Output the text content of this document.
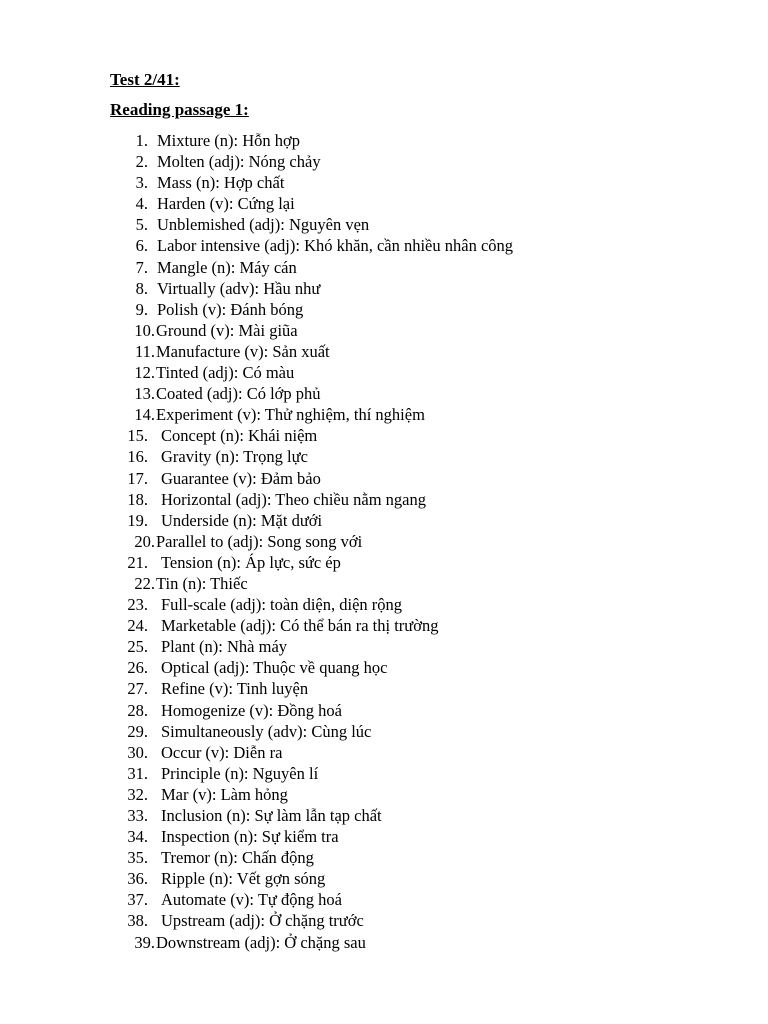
Test 2/41:
Reading passage 1:
1. Mixture (n): Hỗn hợp
2. Molten (adj): Nóng chảy
3. Mass (n): Hợp chất
4. Harden (v): Cứng lại
5. Unblemished (adj): Nguyên vẹn
6. Labor intensive (adj): Khó khăn, cần nhiều nhân công
7. Mangle (n): Máy cán
8. Virtually (adv): Hầu như
9. Polish (v): Đánh bóng
10. Ground (v): Mài giũa
11. Manufacture (v): Sản xuất
12. Tinted (adj): Có màu
13. Coated (adj): Có lớp phủ
14. Experiment (v): Thử nghiệm, thí nghiệm
15. Concept (n): Khái niệm
16. Gravity (n): Trọng lực
17. Guarantee (v): Đảm bảo
18. Horizontal (adj): Theo chiều nằm ngang
19. Underside (n): Mặt dưới
20. Parallel to (adj): Song song với
21. Tension (n): Áp lực, sức ép
22. Tin (n): Thiếc
23. Full-scale (adj): toàn diện, diện rộng
24. Marketable (adj): Có thể bán ra thị trường
25. Plant (n): Nhà máy
26. Optical (adj): Thuộc về quang học
27. Refine (v): Tinh luyện
28. Homogenize (v): Đồng hoá
29. Simultaneously (adv): Cùng lúc
30. Occur (v): Diễn ra
31. Principle (n): Nguyên lí
32. Mar (v): Làm hỏng
33. Inclusion (n): Sự làm lẫn tạp chất
34. Inspection (n): Sự kiểm tra
35. Tremor (n): Chấn động
36. Ripple (n): Vết gợn sóng
37. Automate (v): Tự động hoá
38. Upstream (adj): Ở chặng trước
39. Downstream (adj): Ở chặng sau
